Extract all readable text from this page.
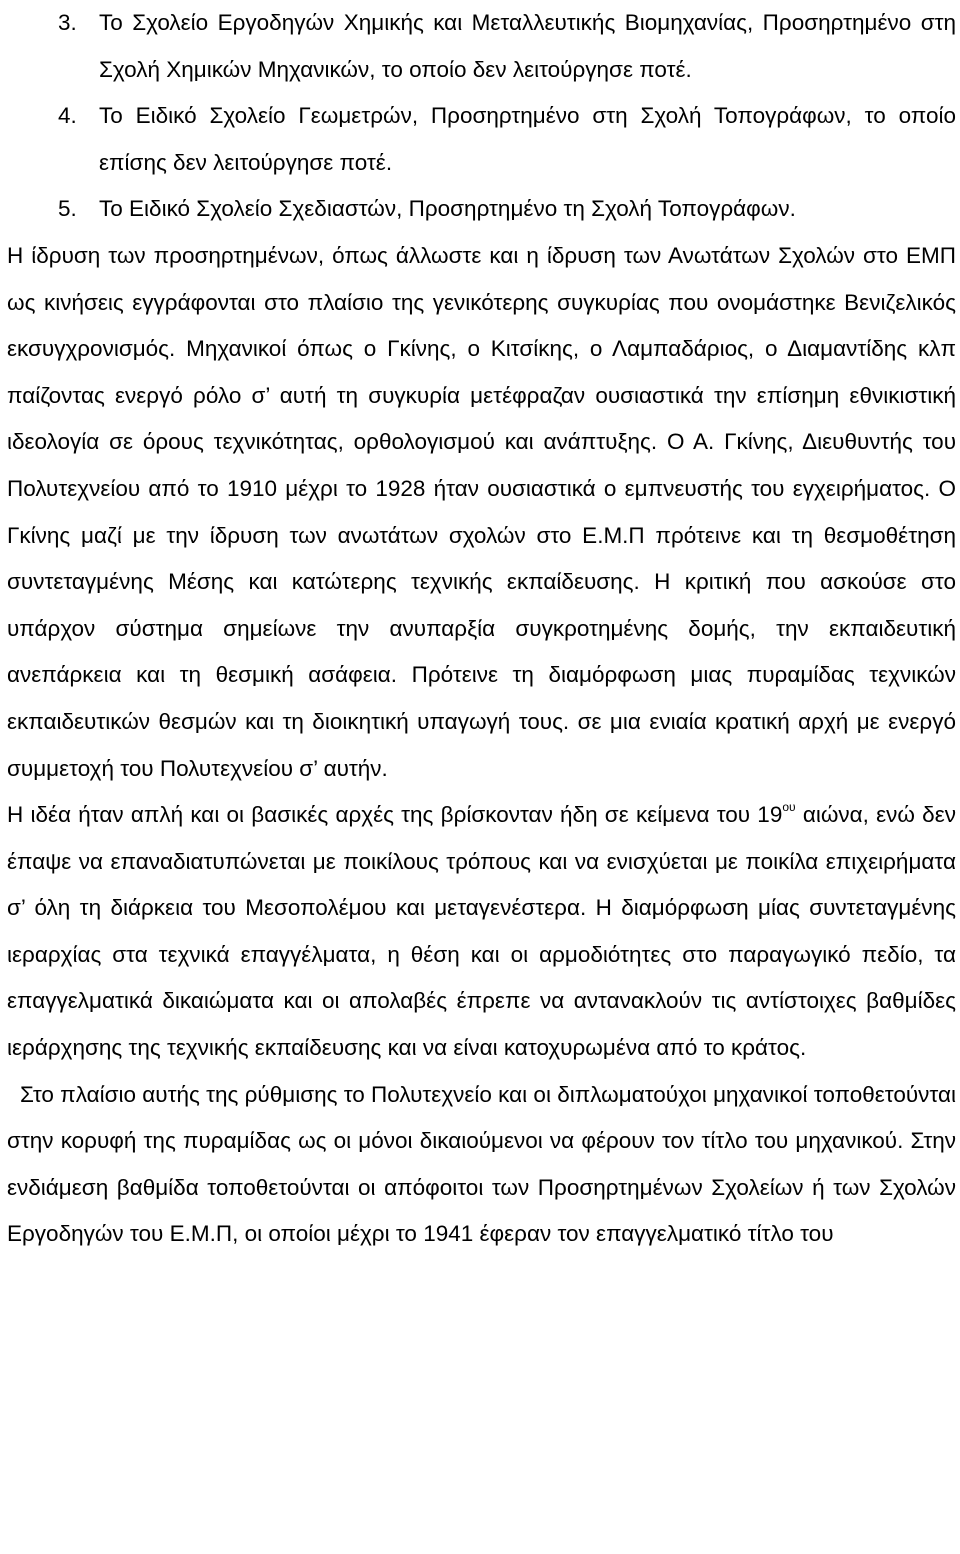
3. Το Σχολείο Εργοδηγών Χημικής και Μεταλλευτικής Βιομηχανίας, Προσηρτημένο στη Σχολή Χημικών Μηχανικών, το οποίο δεν λειτούργησε ποτέ.
4. Το Ειδικό Σχολείο Γεωμετρών, Προσηρτημένο στη Σχολή Τοπογράφων, το οποίο επίσης δεν λειτούργησε ποτέ.
5. Το Ειδικό Σχολείο Σχεδιαστών, Προσηρτημένο τη Σχολή Τοπογράφων.

Η ίδρυση των προσηρτημένων, όπως άλλωστε και η ίδρυση των Ανωτάτων Σχολών στο ΕΜΠ ως κινήσεις εγγράφονται στο πλαίσιο της γενικότερης συγκυρίας που ονομάστηκε Βενιζελικός εκσυγχρονισμός. Μηχανικοί όπως ο Γκίνης, ο Κιτσίκης, ο Λαμπαδάριος, ο Διαμαντίδης κλπ παίζοντας ενεργό ρόλο σ’ αυτή τη συγκυρία μετέφραζαν ουσιαστικά την επίσημη εθνικιστική ιδεολογία σε όρους τεχνικότητας, ορθολογισμού και ανάπτυξης. Ο Α. Γκίνης, Διευθυντής του Πολυτεχνείου από το 1910 μέχρι το 1928 ήταν ουσιαστικά ο εμπνευστής του εγχειρήματος. Ο Γκίνης μαζί με την ίδρυση των ανωτάτων σχολών στο Ε.Μ.Π πρότεινε και τη θεσμοθέτηση συντεταγμένης Μέσης και κατώτερης τεχνικής εκπαίδευσης. Η κριτική που ασκούσε στο υπάρχον σύστημα σημείωνε την ανυπαρξία συγκροτημένης δομής, την εκπαιδευτική ανεπάρκεια και τη θεσμική ασάφεια. Πρότεινε τη διαμόρφωση μιας πυραμίδας τεχνικών εκπαιδευτικών θεσμών και τη διοικητική υπαγωγή τους. σε μια ενιαία κρατική αρχή με ενεργό συμμετοχή του Πολυτεχνείου σ’ αυτήν.

Η ιδέα ήταν απλή και οι βασικές αρχές της βρίσκονταν ήδη σε κείμενα του $19^{o\upsilon}$ αιώνα, ενώ δεν έπαψε να επαναδιατυπώνεται με ποικίλους τρόπους και να ενισχύεται με ποικίλα επιχειρήματα σ’ όλη τη διάρκεια του Μεσοπολέμου και μεταγενέστερα. Η διαμόρφωση μίας συντεταγμένης ιεραρχίας στα τεχνικά επαγγέλματα, η θέση και οι αρμοδιότητες στο παραγωγικό πεδίο, τα επαγγελματικά δικαιώματα και οι απολαβές έπρεπε να αντανακλούν τις αντίστοιχες βαθμίδες ιεράρχησης της τεχνικής εκπαίδευσης και να είναι κατοχυρωμένα από το κράτος.

Στο πλαίσιο αυτής της ρύθμισης το Πολυτεχνείο και οι διπλωματούχοι μηχανικοί τοποθετούνται στην κορυφή της πυραμίδας ως οι μόνοι δικαιούμενοι να φέρουν τον τίτλο του μηχανικού. Στην ενδιάμεση βαθμίδα τοποθετούνται οι απόφοιτοι των Προσηρτημένων Σχολείων ή των Σχολών Εργοδηγών του Ε.Μ.Π, οι οποίοι μέχρι το 1941 έφεραν τον επαγγελματικό τίτλο του
